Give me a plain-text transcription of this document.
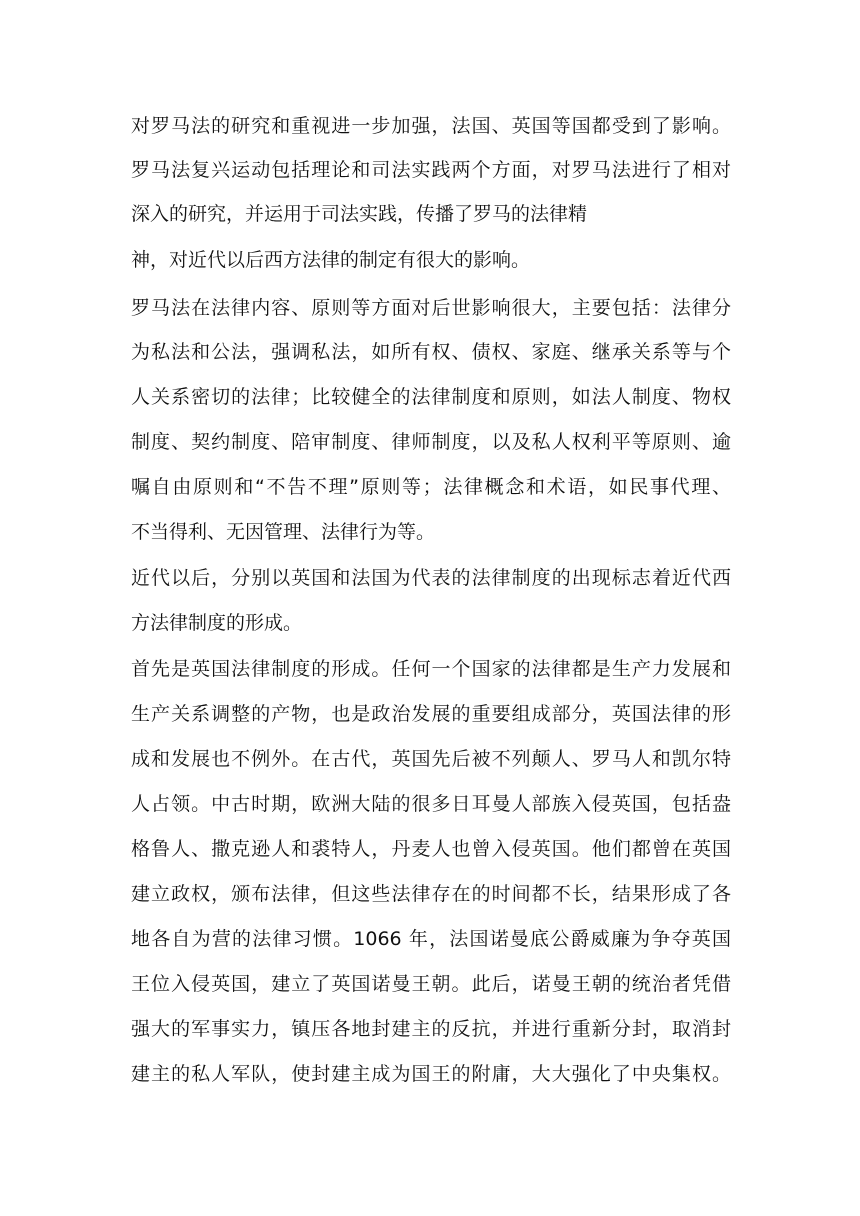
对罗马法的研究和重视进一步加强，法国、英国等国都受到了影响。
罗马法复兴运动包括理论和司法实践两个方面，对罗马法进行了相对
深入的研究，并运用于司法实践，传播了罗马的法律精
神，对近代以后西方法律的制定有很大的影响。
罗马法在法律内容、原则等方面对后世影响很大，主要包括：法律分
为私法和公法，强调私法，如所有权、债权、家庭、继承关系等与个
人关系密切的法律；比较健全的法律制度和原则，如法人制度、物权
制度、契约制度、陪审制度、律师制度，以及私人权利平等原则、逾
嘱自由原则和“不告不理”原则等；法律概念和术语，如民事代理、
不当得利、无因管理、法律行为等。
近代以后，分别以英国和法国为代表的法律制度的出现标志着近代西
方法律制度的形成。
首先是英国法律制度的形成。任何一个国家的法律都是生产力发展和
生产关系调整的产物，也是政治发展的重要组成部分，英国法律的形
成和发展也不例外。在古代，英国先后被不列颠人、罗马人和凯尔特
人占领。中古时期，欧洲大陆的很多日耳曼人部族入侵英国，包括盎
格鲁人、撒克逊人和裘特人，丹麦人也曾入侵英国。他们都曾在英国
建立政权，颁布法律，但这些法律存在的时间都不长，结果形成了各
地各自为营的法律习惯。1066 年，法国诺曼底公爵威廉为争夺英国
王位入侵英国，建立了英国诺曼王朝。此后，诺曼王朝的统治者凭借
强大的军事实力，镇压各地封建主的反抗，并进行重新分封，取消封
建主的私人军队，使封建主成为国王的附庸，大大强化了中央集权。
